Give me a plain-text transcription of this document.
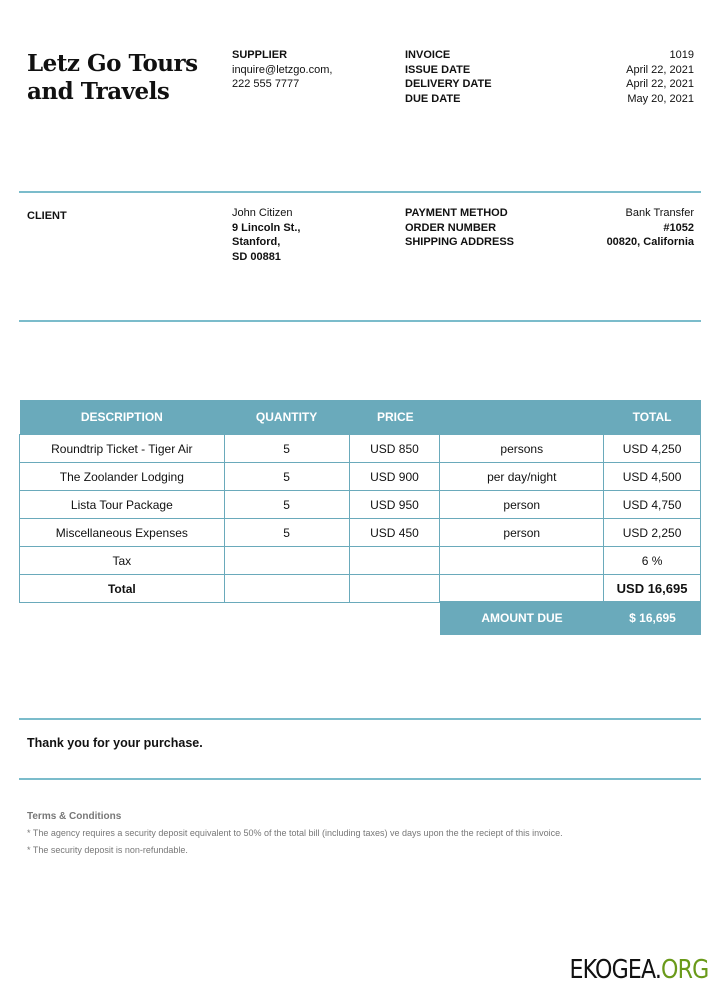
Letz Go Tours
and Travels
SUPPLIER
inquire@letzgo.com,
222 555 7777
INVOICE	1019
ISSUE DATE	April 22, 2021
DELIVERY DATE	April 22, 2021
DUE DATE	May 20, 2021
CLIENT	John Citizen
9 Lincoln St.,
Stanford,
SD 00881
PAYMENT METHOD	Bank Transfer
ORDER NUMBER	#1052
SHIPPING ADDRESS	00820, California
DESCRIPTION	QUANTITY	PRICE		TOTAL
Roundtrip Ticket - Tiger Air	5	USD 850	persons	USD 4,250
The Zoolander Lodging	5	USD 900	per day/night	USD 4,500
Lista Tour Package	5	USD 950	person	USD 4,750
Miscellaneous Expenses	5	USD 450	person	USD 2,250
Tax				6 %
Total				USD 16,695
AMOUNT DUE	$ 16,695
Thank you for your purchase.
Terms & Conditions
* The agency requires a security deposit equivalent to 50% of the total bill (including taxes) ve days upon the the reciept of this invoice.
* The security deposit is non-refundable.
EKOGEA.ORG
